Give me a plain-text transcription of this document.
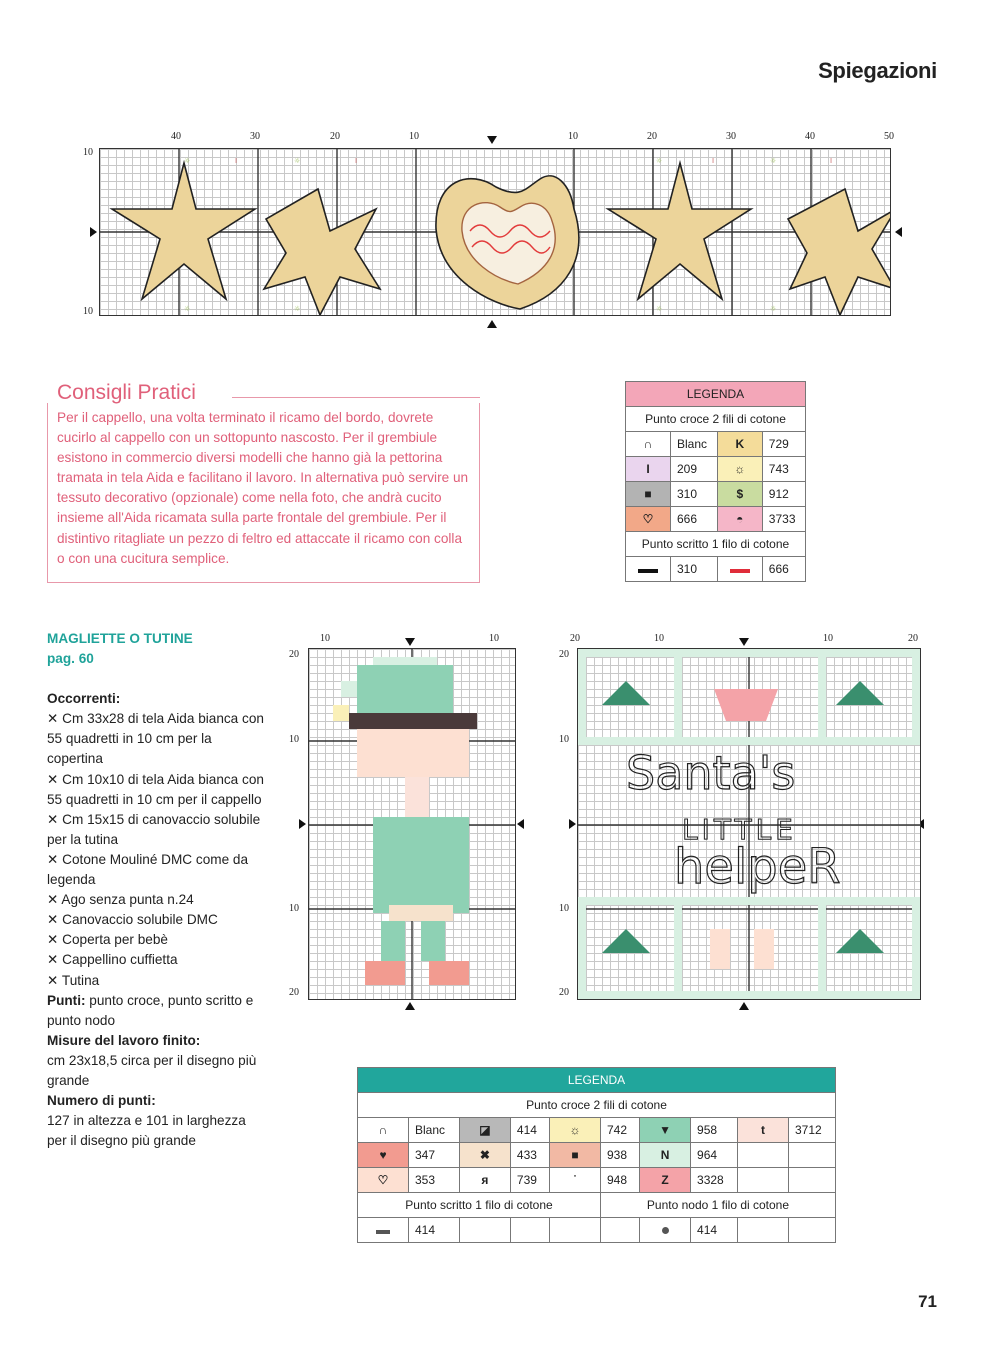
Spiegazioni
40	30	20	10	10	20	30	40	50
10
10
☼	I	☼	I	☼	I	☼	I
☼	☼	☼	☼
Consigli Pratici
Per il cappello, una volta terminato il ricamo del bordo, dovrete cucirlo al cappello con un sottopunto nascosto. Per il grembiule esistono in commercio diversi modelli che hanno già la pettorina tramata in tela Aida e facilitano il lavoro. In alternativa può servire un tessuto decorativo (opzionale) come nella foto, che andrà cucito insieme all'Aida ricamata sulla parte frontale del grembiule. Per il distintivo ritagliate un pezzo di feltro ed attaccate il ricamo con colla o con una cucitura semplice.
LEGENDA			
Punto croce 2 fili di cotone			
∩	Blanc	K	729
I	209	☼	743
■	310	$	912
♡	666	◓	3733
Punto scritto 1 filo di cotone			
	310		666
MAGLIETTE O TUTINE
pag. 60
Occorrenti:
✕ Cm 33x28 di tela Aida bianca con 55 quadretti in 10 cm per la copertina
✕ Cm 10x10 di tela Aida bianca con 55 quadretti in 10 cm per il cappello
✕ Cm 15x15 di canovaccio solubile per la tutina
✕ Cotone Mouliné DMC come da legenda
✕ Ago senza punta n.24
✕ Canovaccio solubile DMC
✕ Coperta per bebè
✕ Cappellino cuffietta
✕ Tutina
Punti: punto croce, punto scritto e punto nodo
Misure del lavoro finito:
cm 23x18,5 circa per il disegno più grande
Numero di punti:
127 in altezza e 101 in larghezza per il disegno più grande
10	10
20
10
10
20
20	10	10	20
20
10
10
20
Santa's
LITTLE
helpeR
LEGENDA									
Punto croce 2 fili di cotone									
∩	Blanc	◪	414	☼	742	▼	958	t	3712
♥	347	✖	433	■	938	N	964		
♡	353	я	739	˙	948	Z	3328		
Punto scritto 1 filo di cotone					Punto nodo 1 filo di cotone				
	414						414		
71
